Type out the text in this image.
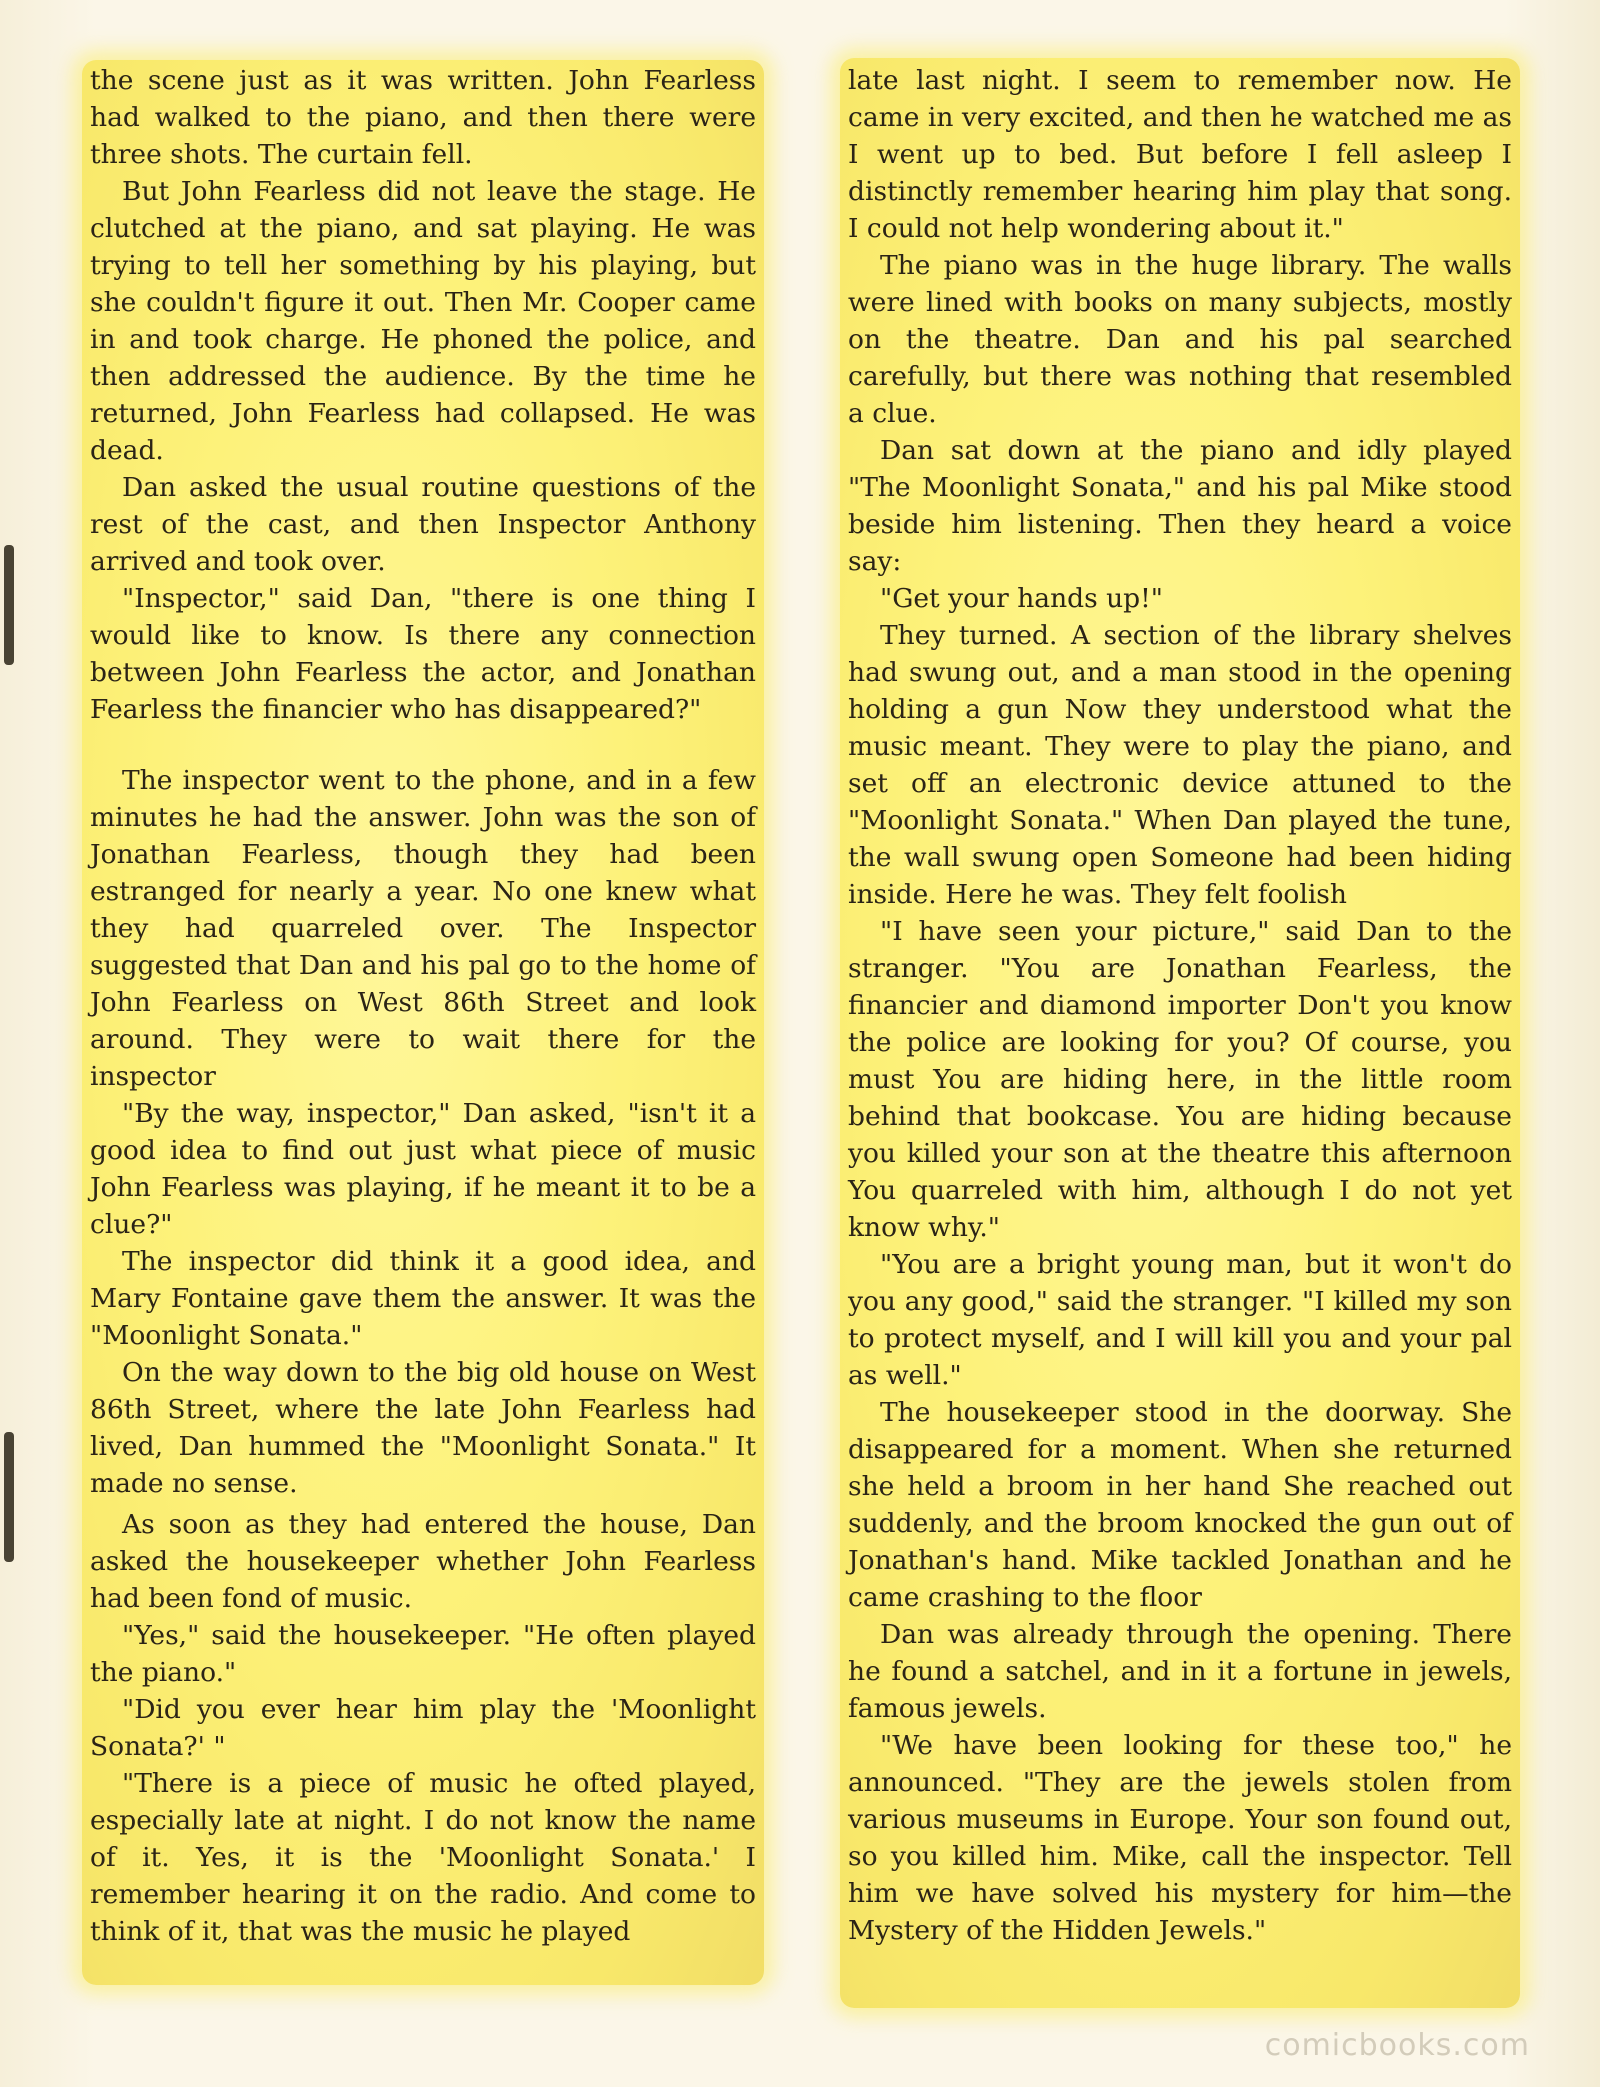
the scene just as it was written. John Fearless had walked to the piano, and then there were three shots. The curtain fell.

But John Fearless did not leave the stage. He clutched at the piano, and sat playing. He was trying to tell her something by his playing, but she couldn't figure it out. Then Mr. Cooper came in and took charge. He phoned the police, and then addressed the audience. By the time he returned, John Fearless had collapsed. He was dead.

Dan asked the usual routine questions of the rest of the cast, and then Inspector Anthony arrived and took over.

"Inspector," said Dan, "there is one thing I would like to know. Is there any connection between John Fearless the actor, and Jonathan Fearless the financier who has disappeared?"

The inspector went to the phone, and in a few minutes he had the answer. John was the son of Jonathan Fearless, though they had been estranged for nearly a year. No one knew what they had quarreled over. The Inspector suggested that Dan and his pal go to the home of John Fearless on West 86th Street and look around. They were to wait there for the inspector

"By the way, inspector," Dan asked, "isn't it a good idea to find out just what piece of music John Fearless was playing, if he meant it to be a clue?"

The inspector did think it a good idea, and Mary Fontaine gave them the answer. It was the "Moonlight Sonata."

On the way down to the big old house on West 86th Street, where the late John Fearless had lived, Dan hummed the "Moonlight Sonata." It made no sense.

As soon as they had entered the house, Dan asked the housekeeper whether John Fearless had been fond of music.

"Yes," said the housekeeper. "He often played the piano."

"Did you ever hear him play the 'Moonlight Sonata?' "

"There is a piece of music he ofted played, especially late at night. I do not know the name of it. Yes, it is the 'Moonlight Sonata.' I remember hearing it on the radio. And come to think of it, that was the music he played

late last night. I seem to remember now. He came in very excited, and then he watched me as I went up to bed. But before I fell asleep I distinctly remember hearing him play that song. I could not help wondering about it."

The piano was in the huge library. The walls were lined with books on many subjects, mostly on the theatre. Dan and his pal searched carefully, but there was nothing that resembled a clue.

Dan sat down at the piano and idly played "The Moonlight Sonata," and his pal Mike stood beside him listening. Then they heard a voice say:

"Get your hands up!"

They turned. A section of the library shelves had swung out, and a man stood in the opening holding a gun Now they understood what the music meant. They were to play the piano, and set off an electronic device attuned to the "Moonlight Sonata." When Dan played the tune, the wall swung open Someone had been hiding inside. Here he was. They felt foolish

"I have seen your picture," said Dan to the stranger. "You are Jonathan Fearless, the financier and diamond importer Don't you know the police are looking for you? Of course, you must You are hiding here, in the little room behind that bookcase. You are hiding because you killed your son at the theatre this afternoon You quarreled with him, although I do not yet know why."

"You are a bright young man, but it won't do you any good," said the stranger. "I killed my son to protect myself, and I will kill you and your pal as well."

The housekeeper stood in the doorway. She disappeared for a moment. When she returned she held a broom in her hand She reached out suddenly, and the broom knocked the gun out of Jonathan's hand. Mike tackled Jonathan and he came crashing to the floor

Dan was already through the opening. There he found a satchel, and in it a fortune in jewels, famous jewels.

"We have been looking for these too," he announced. "They are the jewels stolen from various museums in Europe. Your son found out, so you killed him. Mike, call the inspector. Tell him we have solved his mystery for him—the Mystery of the Hidden Jewels."

comicbooks.com
